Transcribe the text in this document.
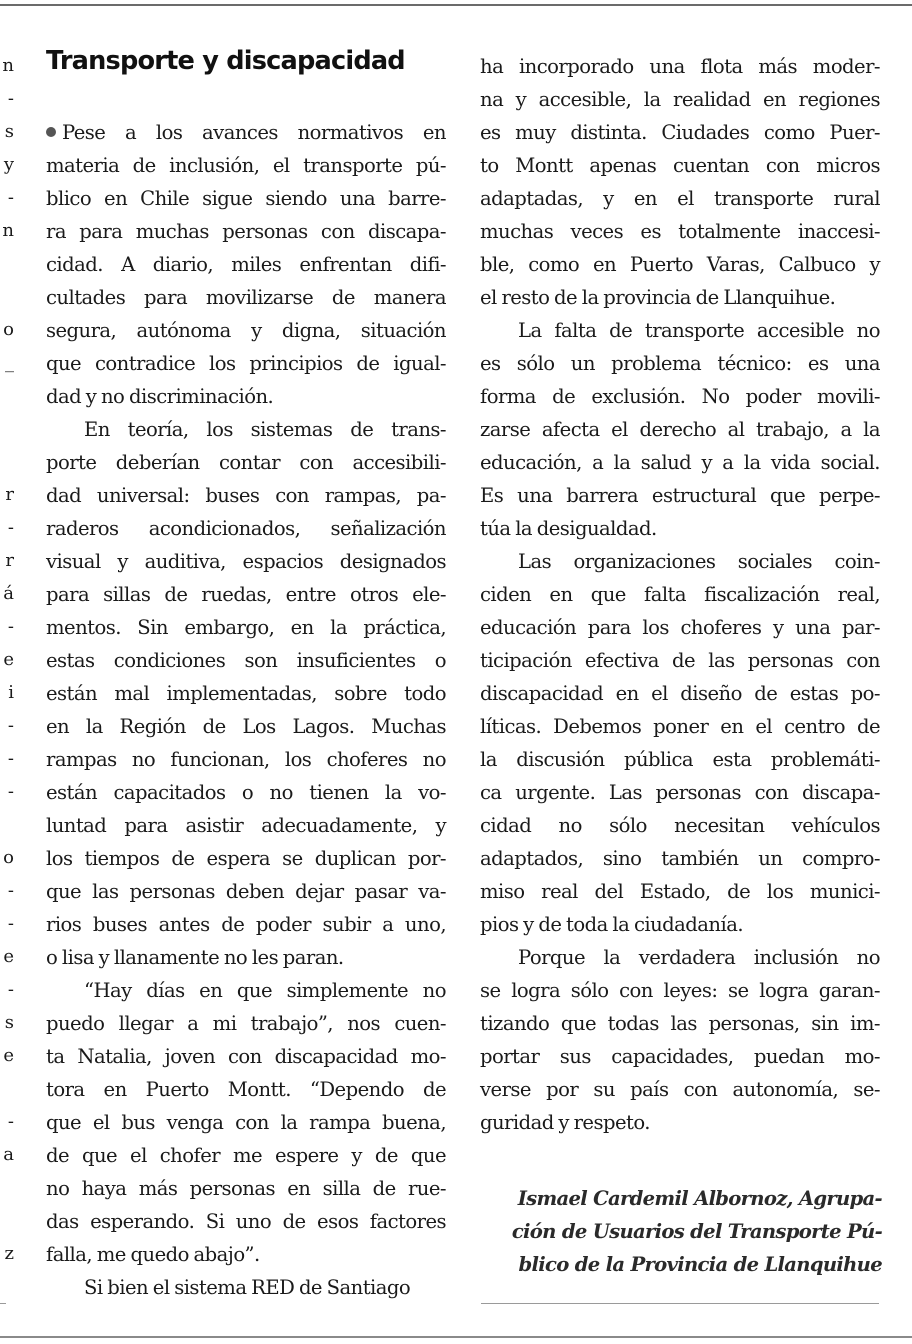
n
-
s
y
-
n
o
_
r
-
r
á
-
e
i
-
-
-
o
-
-
e
-
s
e
-
a
z
Transporte y discapacidad
Pese a los avances normativos en
materia de inclusión, el transporte pú-
blico en Chile sigue siendo una barre-
ra para muchas personas con discapa-
cidad. A diario, miles enfrentan difi-
cultades para movilizarse de manera
segura, autónoma y digna, situación
que contradice los principios de igual-
dad y no discriminación.
En teoría, los sistemas de trans-
porte deberían contar con accesibili-
dad universal: buses con rampas, pa-
raderos acondicionados, señalización
visual y auditiva, espacios designados
para sillas de ruedas, entre otros ele-
mentos. Sin embargo, en la práctica,
estas condiciones son insuficientes o
están mal implementadas, sobre todo
en la Región de Los Lagos. Muchas
rampas no funcionan, los choferes no
están capacitados o no tienen la vo-
luntad para asistir adecuadamente, y
los tiempos de espera se duplican por-
que las personas deben dejar pasar va-
rios buses antes de poder subir a uno,
o lisa y llanamente no les paran.
“Hay días en que simplemente no
puedo llegar a mi trabajo”, nos cuen-
ta Natalia, joven con discapacidad mo-
tora en Puerto Montt. “Dependo de
que el bus venga con la rampa buena,
de que el chofer me espere y de que
no haya más personas en silla de rue-
das esperando. Si uno de esos factores
falla, me quedo abajo”.
Si bien el sistema RED de Santiago
ha incorporado una flota más moder-
na y accesible, la realidad en regiones
es muy distinta. Ciudades como Puer-
to Montt apenas cuentan con micros
adaptadas, y en el transporte rural
muchas veces es totalmente inaccesi-
ble, como en Puerto Varas, Calbuco y
el resto de la provincia de Llanquihue.
La falta de transporte accesible no
es sólo un problema técnico: es una
forma de exclusión. No poder movili-
zarse afecta el derecho al trabajo, a la
educación, a la salud y a la vida social.
Es una barrera estructural que perpe-
túa la desigualdad.
Las organizaciones sociales coin-
ciden en que falta fiscalización real,
educación para los choferes y una par-
ticipación efectiva de las personas con
discapacidad en el diseño de estas po-
líticas. Debemos poner en el centro de
la discusión pública esta problemáti-
ca urgente. Las personas con discapa-
cidad no sólo necesitan vehículos
adaptados, sino también un compro-
miso real del Estado, de los munici-
pios y de toda la ciudadanía.
Porque la verdadera inclusión no
se logra sólo con leyes: se logra garan-
tizando que todas las personas, sin im-
portar sus capacidades, puedan mo-
verse por su país con autonomía, se-
guridad y respeto.
Ismael Cardemil Albornoz, Agrupa-
ción de Usuarios del Transporte Pú-
blico de la Provincia de Llanquihue
